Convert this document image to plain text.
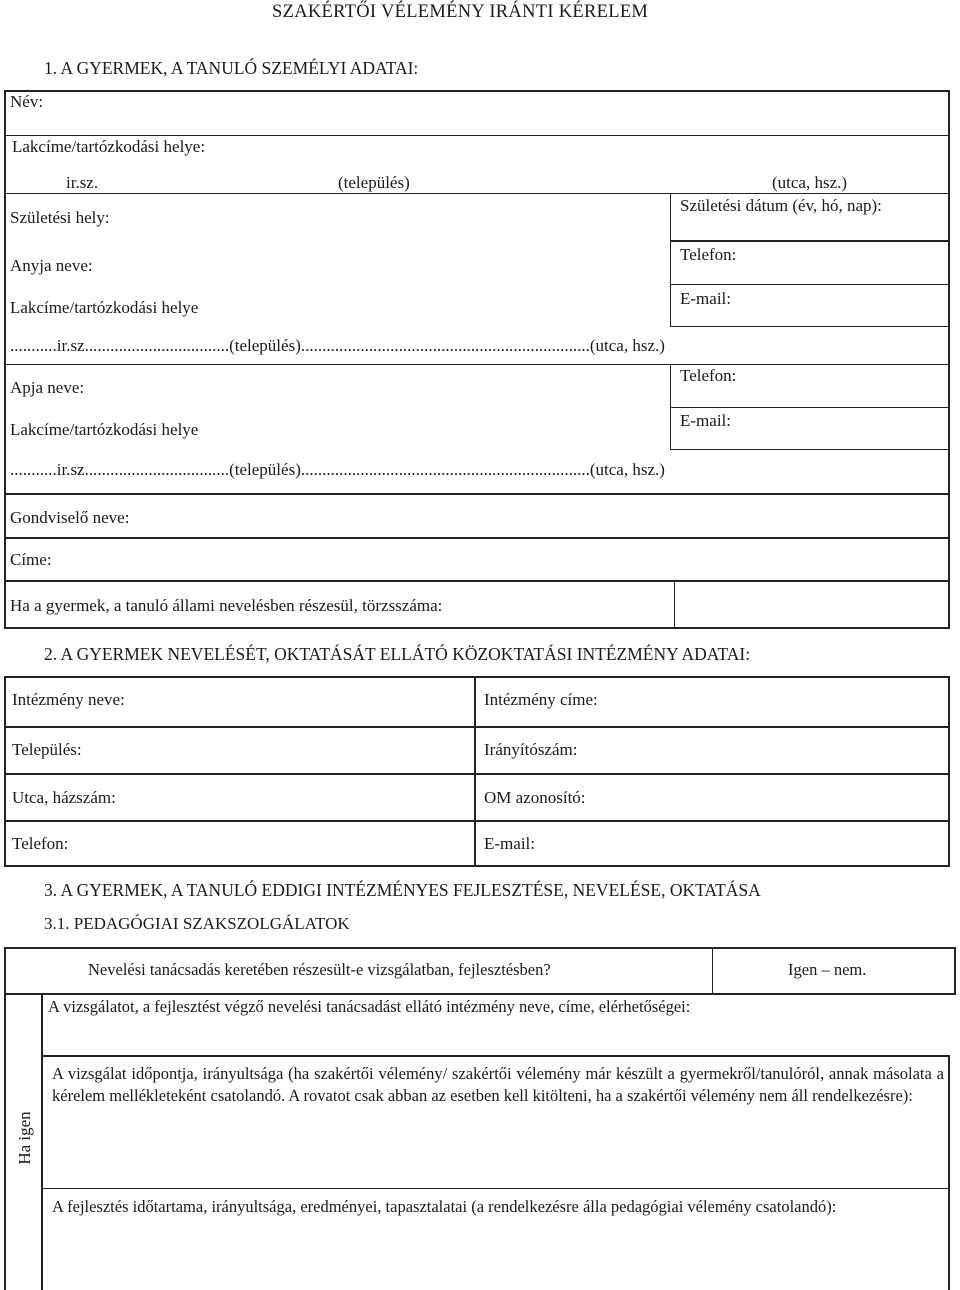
SZAKÉRTŐI VÉLEMÉNY IRÁNTI KÉRELEM
1. A GYERMEK, A TANULÓ SZEMÉLYI ADATAI:
Név:
Lakcíme/tartózkodási helye:
ir.sz.	(település)	(utca, hsz.)
Születési hely:
Születési dátum (év, hó, nap):
Anyja neve:
Telefon:
Lakcíme/tartózkodási helye	E-mail:
...........ir.sz..................................(település)....................................................................(utca, hsz.)
Apja neve:
Telefon:
Lakcíme/tartózkodási helye	E-mail:
...........ir.sz..................................(település)....................................................................(utca, hsz.)
Gondviselő neve:
Címe:
Ha a gyermek, a tanuló állami nevelésben részesül, törzsszáma:
2. A GYERMEK NEVELÉSÉT, OKTATÁSÁT ELLÁTÓ KÖZOKTATÁSI INTÉZMÉNY ADATAI:
Intézmény neve:	Intézmény címe:
Település:	Irányítószám:
Utca, házszám:	OM azonosító:
Telefon:	E-mail:
3. A GYERMEK, A TANULÓ EDDIGI INTÉZMÉNYES FEJLESZTÉSE, NEVELÉSE, OKTATÁSA
3.1. PEDAGÓGIAI SZAKSZOLGÁLATOK
Nevelési tanácsadás keretében részesült-e vizsgálatban, fejlesztésben?	Igen – nem.
A vizsgálatot, a fejlesztést végző nevelési tanácsadást ellátó intézmény neve, címe, elérhetőségei:
A vizsgálat időpontja, irányultsága (ha szakértői vélemény/ szakértői vélemény már készült a gyermekről/tanulóról, annak másolata a kérelem mellékleteként csatolandó. A rovatot csak abban az esetben kell kitölteni, ha a szakértői vélemény nem áll rendelkezésre):
A fejlesztés időtartama, irányultsága, eredményei, tapasztalatai (a rendelkezésre álla pedagógiai vélemény csatolandó):
Ha igen
